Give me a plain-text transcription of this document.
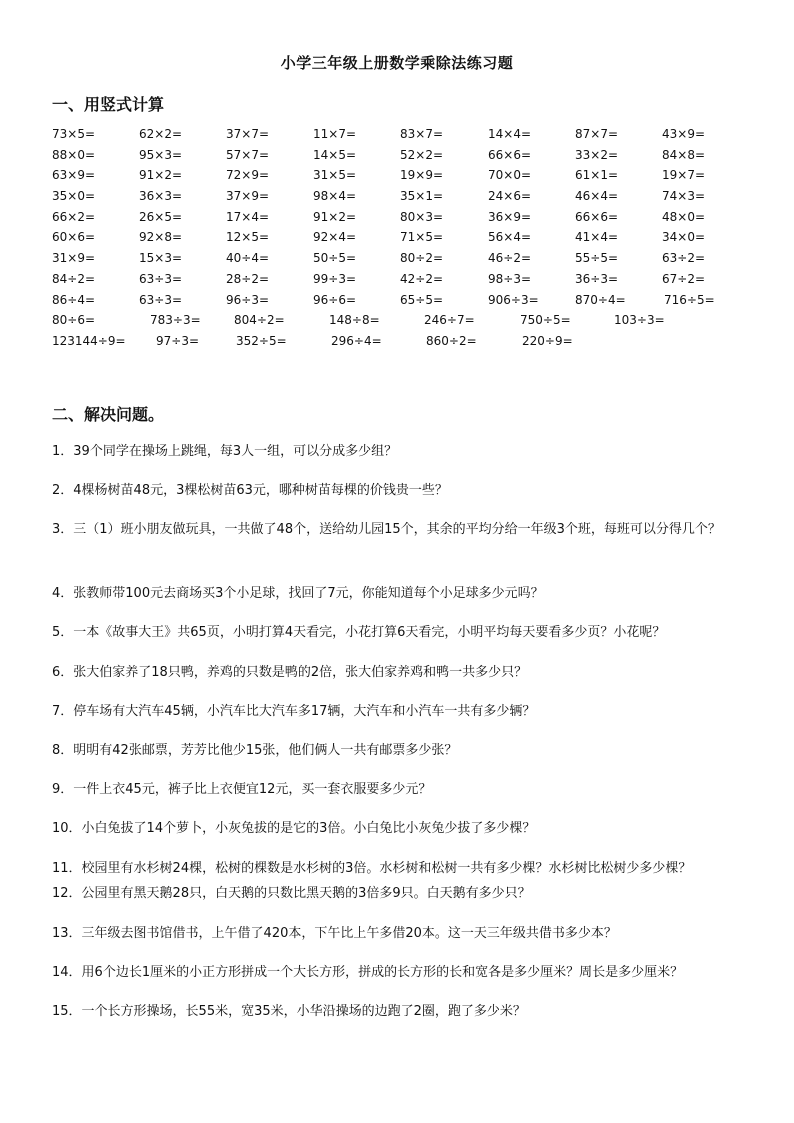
小学三年级上册数学乘除法练习题
一、用竖式计算
73×5=	62×2=	37×7=	11×7=	83×7=	14×4=	87×7=	43×9=
88×0=	95×3=	57×7=	14×5=	52×2=	66×6=	33×2=	84×8=
63×9=	91×2=	72×9=	31×5=	19×9=	70×0=	61×1=	19×7=
35×0=	36×3=	37×9=	98×4=	35×1=	24×6=	46×4=	74×3=
66×2=	26×5=	17×4=	91×2=	80×3=	36×9=	66×6=	48×0=
60×6=	92×8=	12×5=	92×4=	71×5=	56×4=	41×4=	34×0=
31×9=	15×3=	40÷4=	50÷5=	80÷2=	46÷2=	55÷5=	63÷2=
84÷2=	63÷3=	28÷2=	99÷3=	42÷2=	98÷3=	36÷3=	67÷2=
86÷4=	63÷3=	96÷3=	96÷6=	65÷5=	906÷3=	870÷4=	716÷5=
80÷6=	783÷3=	804÷2=	148÷8=	246÷7=	750÷5=	103÷3=
123144÷9=	97÷3=	352÷5=	296÷4=	860÷2=	220÷9=
二、解决问题。
1．39个同学在操场上跳绳，每3人一组，可以分成多少组？
2．4棵杨树苗48元，3棵松树苗63元，哪种树苗每棵的价钱贵一些？
3．三（1）班小朋友做玩具，一共做了48个，送给幼儿园15个，其余的平均分给一年级3个班，每班可以分得几个？
4．张教师带100元去商场买3个小足球，找回了7元，你能知道每个小足球多少元吗？
5．一本《故事大王》共65页，小明打算4天看完，小花打算6天看完，小明平均每天要看多少页？小花呢？
6．张大伯家养了18只鸭，养鸡的只数是鸭的2倍，张大伯家养鸡和鸭一共多少只？
7．停车场有大汽车45辆，小汽车比大汽车多17辆，大汽车和小汽车一共有多少辆？
8．明明有42张邮票，芳芳比他少15张，他们俩人一共有邮票多少张？
9．一件上衣45元，裤子比上衣便宜12元，买一套衣服要多少元？
10．小白兔拔了14个萝卜，小灰兔拔的是它的3倍。小白兔比小灰兔少拔了多少棵？
11．校园里有水杉树24棵，松树的棵数是水杉树的3倍。水杉树和松树一共有多少棵？水杉树比松树少多少棵？
12．公园里有黑天鹅28只，白天鹅的只数比黑天鹅的3倍多9只。白天鹅有多少只？
13．三年级去图书馆借书，上午借了420本，下午比上午多借20本。这一天三年级共借书多少本？
14．用6个边长1厘米的小正方形拼成一个大长方形，拼成的长方形的长和宽各是多少厘米？周长是多少厘米？
15．一个长方形操场，长55米，宽35米，小华沿操场的边跑了2圈，跑了多少米？
